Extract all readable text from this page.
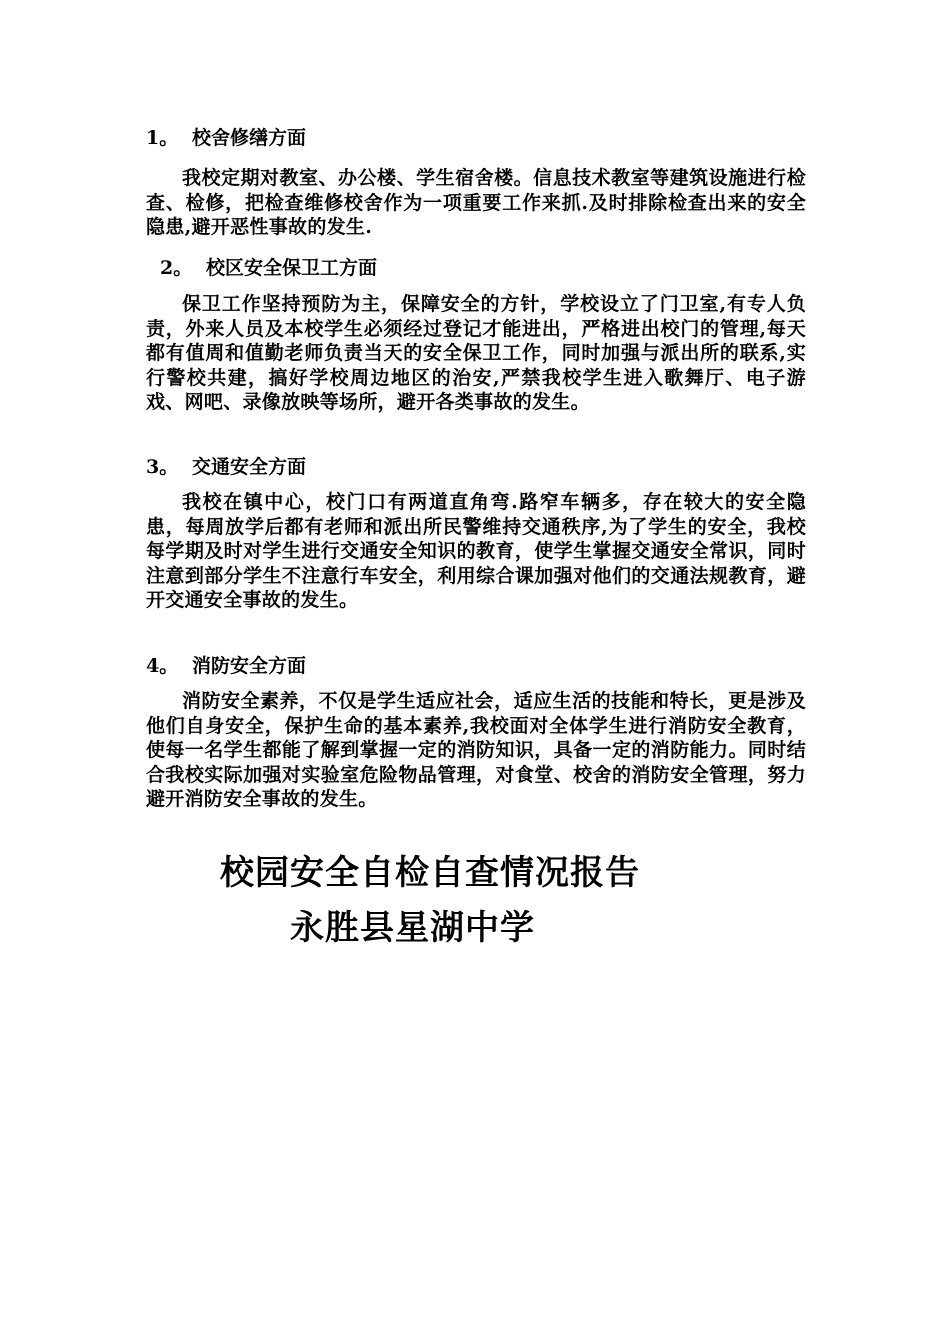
1。 校舍修缮方面
我校定期对教室、办公楼、学生宿舍楼。信息技术教室等建筑设施进行检查、检修，把检查维修校舍作为一项重要工作来抓.及时排除检查出来的安全隐患,避开恶性事故的发生.
2。 校区安全保卫工方面
保卫工作坚持预防为主，保障安全的方针，学校设立了门卫室,有专人负责，外来人员及本校学生必须经过登记才能进出，严格进出校门的管理,每天都有值周和值勤老师负责当天的安全保卫工作，同时加强与派出所的联系,实行警校共建，搞好学校周边地区的治安,严禁我校学生进入歌舞厅、电子游戏、网吧、录像放映等场所，避开各类事故的发生。
3。 交通安全方面
我校在镇中心，校门口有两道直角弯.路窄车辆多，存在较大的安全隐患，每周放学后都有老师和派出所民警维持交通秩序,为了学生的安全，我校每学期及时对学生进行交通安全知识的教育，使学生掌握交通安全常识，同时注意到部分学生不注意行车安全，利用综合课加强对他们的交通法规教育，避开交通安全事故的发生。
4。 消防安全方面
消防安全素养，不仅是学生适应社会，适应生活的技能和特长，更是涉及他们自身安全，保护生命的基本素养,我校面对全体学生进行消防安全教育，使每一名学生都能了解到掌握一定的消防知识，具备一定的消防能力。同时结合我校实际加强对实验室危险物品管理，对食堂、校舍的消防安全管理，努力避开消防安全事故的发生。
校园安全自检自查情况报告
永胜县星湖中学
